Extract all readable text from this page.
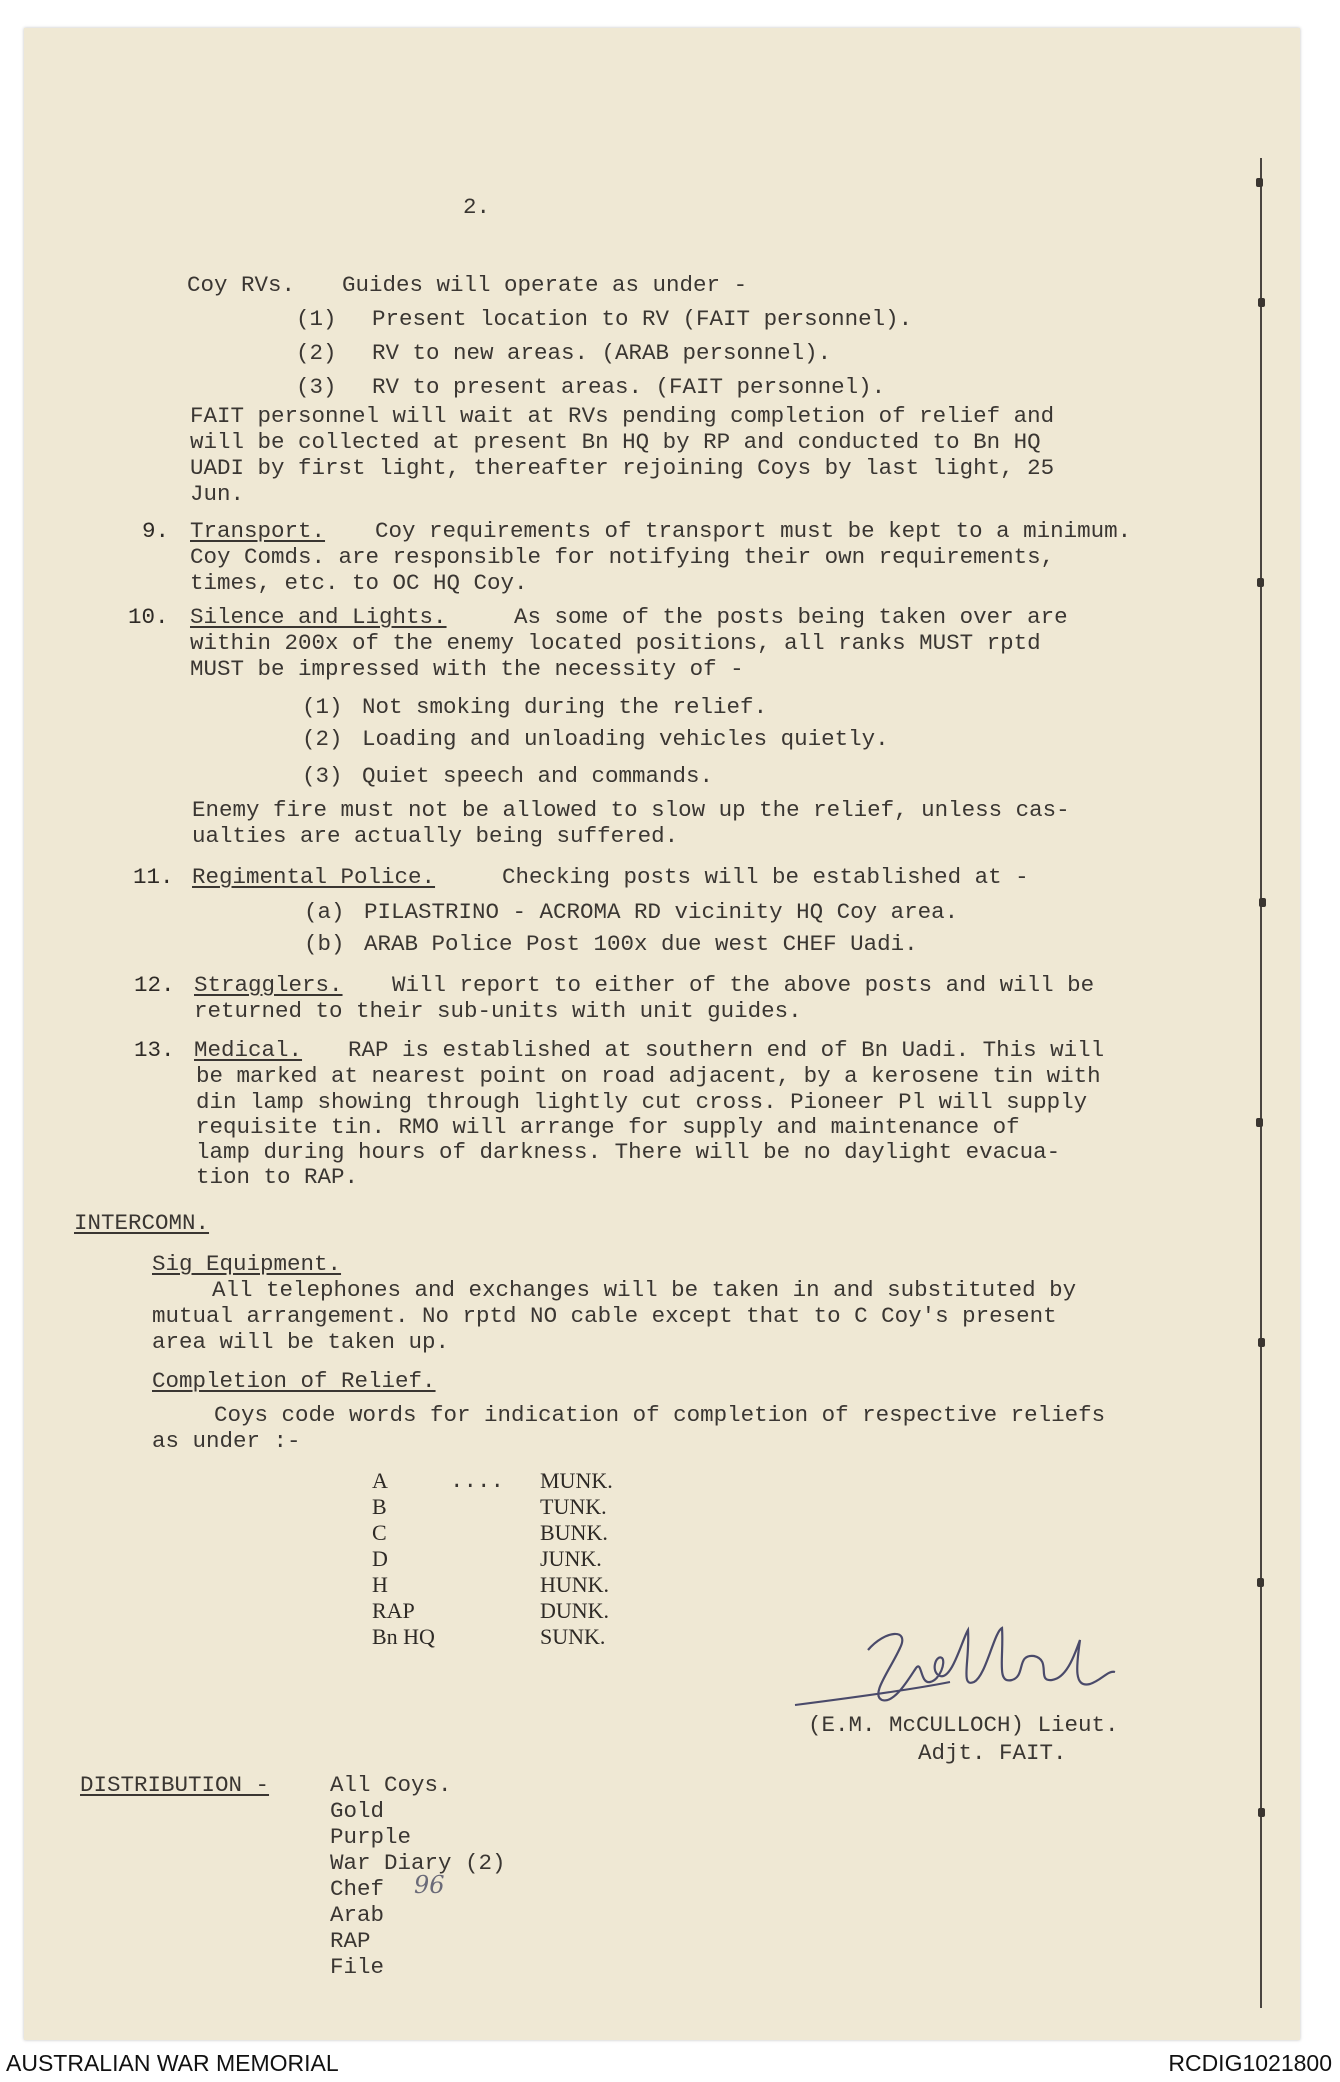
2.
Coy RVs. Guides will operate as under -
(1) Present location to RV (FAIT personnel).
(2) RV to new areas. (ARAB personnel).
(3) RV to present areas. (FAIT personnel).
FAIT personnel will wait at RVs pending completion of relief and
will be collected at present Bn HQ by RP and conducted to Bn HQ
UADI by first light, thereafter rejoining Coys by last light, 25
Jun.
9. Transport. Coy requirements of transport must be kept to a minimum.
Coy Comds. are responsible for notifying their own requirements,
times, etc. to OC HQ Coy.
10. Silence and Lights.	As some of the posts being taken over are
within 200x of the enemy located positions, all ranks MUST rptd
MUST be impressed with the necessity of -
(1) Not smoking during the relief.
(2) Loading and unloading vehicles quietly.
(3) Quiet speech and commands.
Enemy fire must not be allowed to slow up the relief, unless cas-
ualties are actually being suffered.
11. Regimental Police.	Checking posts will be established at -
(a) PILASTRINO - ACROMA RD vicinity HQ Coy area.
(b) ARAB Police Post 100x due west CHEF Uadi.
12. Stragglers. Will report to either of the above posts and will be
returned to their sub-units with unit guides.
13. Medical. RAP is established at southern end of Bn Uadi. This will
be marked at nearest point on road adjacent, by a kerosene tin with
din lamp showing through lightly cut cross. Pioneer Pl will supply
requisite tin. RMO will arrange for supply and maintenance of
lamp during hours of darkness. There will be no daylight evacua-
tion to RAP.
INTERCOMN.
Sig Equipment.
All telephones and exchanges will be taken in and substituted by
mutual arrangement. No rptd NO cable except that to C Coy's present
area will be taken up.
Completion of Relief.
Coys code words for indication of completion of respective reliefs
as under :-
A	.... MUNK.
B	TUNK.
C	BUNK.
D	JUNK.
H	HUNK.
RAP	DUNK.
Bn HQ	SUNK.
(E.M. McCULLOCH) Lieut.
Adjt. FAIT.
DISTRIBUTION -	All Coys.
Gold
Purple
War Diary (2)
Chef 96
Arab
RAP
File
AUSTRALIAN WAR MEMORIAL	RCDIG1021800
